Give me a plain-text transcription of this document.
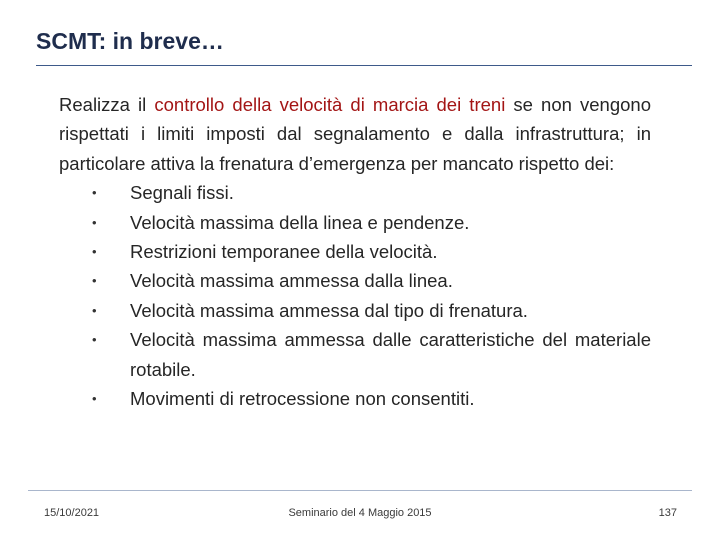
SCMT: in breve…

Realizza il controllo della velocità di marcia dei treni se non vengono rispettati i limiti imposti dal segnalamento e dalla infrastruttura; in particolare attiva la frenatura d’emergenza per mancato rispetto dei:

• Segnali fissi.
• Velocità massima della linea e pendenze.
• Restrizioni temporanee della velocità.
• Velocità massima ammessa dalla linea.
• Velocità massima ammessa dal tipo di frenatura.
• Velocità massima ammessa dalle caratteristiche del materiale rotabile.
• Movimenti di retrocessione non consentiti.
15/10/2021	Seminario del 4 Maggio 2015	137
